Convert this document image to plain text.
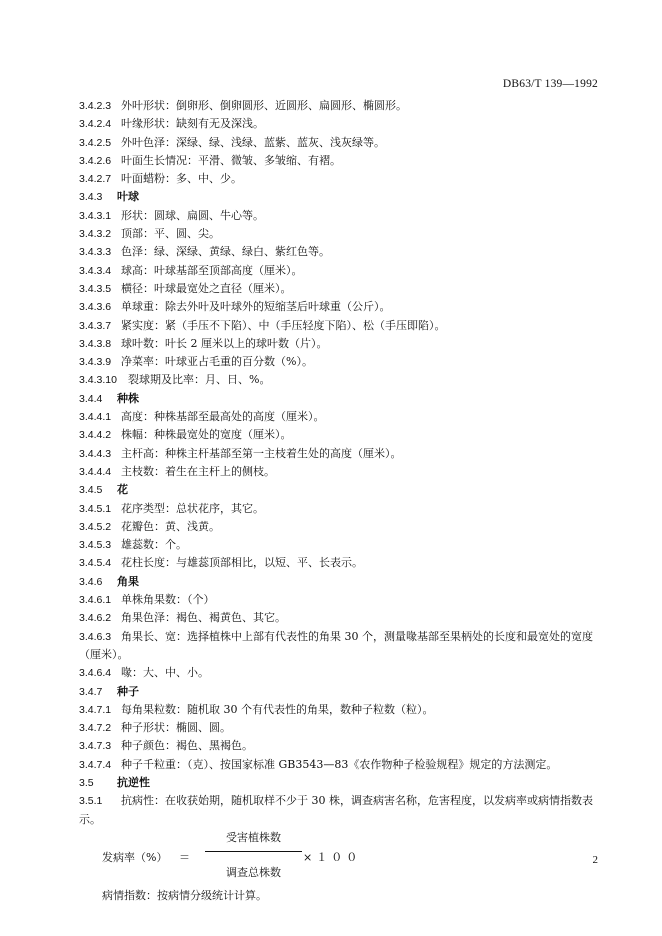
DB63/T 139—1992
3.4.2.3 外叶形状：倒卵形、倒卵圆形、近圆形、扁圆形、椭圆形。
3.4.2.4 叶缘形状：缺刻有无及深浅。
3.4.2.5 外叶色泽：深绿、绿、浅绿、蓝紫、蓝灰、浅灰绿等。
3.4.2.6 叶面生长情况：平滑、微皱、多皱缩、有褶。
3.4.2.7 叶面蜡粉：多、中、少。
3.4.3 叶球
3.4.3.1 形状：圆球、扁圆、牛心等。
3.4.3.2 顶部：平、圆、尖。
3.4.3.3 色泽：绿、深绿、黄绿、绿白、紫红色等。
3.4.3.4 球高：叶球基部至顶部高度（厘米）。
3.4.3.5 横径：叶球最宽处之直径（厘米）。
3.4.3.6 单球重：除去外叶及叶球外的短缩茎后叶球重（公斤）。
3.4.3.7 紧实度：紧（手压不下陷）、中（手压轻度下陷）、松（手压即陷）。
3.4.3.8 球叶数：叶长 2 厘米以上的球叶数（片）。
3.4.3.9 净菜率：叶球亚占毛重的百分数（%）。
3.4.3.10 裂球期及比率：月、日、%。
3.4.4 种株
3.4.4.1 高度：种株基部至最高处的高度（厘米）。
3.4.4.2 株幅：种株最宽处的宽度（厘米）。
3.4.4.3 主杆高：种株主杆基部至第一主枝着生处的高度（厘米）。
3.4.4.4 主枝数：着生在主杆上的侧枝。
3.4.5 花
3.4.5.1 花序类型：总状花序，其它。
3.4.5.2 花瓣色：黄、浅黄。
3.4.5.3 雄蕊数：个。
3.4.5.4 花柱长度：与雄蕊顶部相比，以短、平、长表示。
3.4.6 角果
3.4.6.1 单株角果数：（个）
3.4.6.2 角果色泽：褐色、褐黄色、其它。
3.4.6.3 角果长、宽：选择植株中上部有代表性的角果 30 个，测量喙基部至果柄处的长度和最宽处的宽度（厘米）。
3.4.6.4 喙：大、中、小。
3.4.7 种子
3.4.7.1 每角果粒数：随机取 30 个有代表性的角果，数种子粒数（粒）。
3.4.7.2 种子形状：椭圆、圆。
3.4.7.3 种子颜色：褐色、黑褐色。
3.4.7.4 种子千粒重：（克）、按国家标准 GB3543—83《农作物种子检验规程》规定的方法测定。
3.5 抗逆性
3.5.1 抗病性：在收获始期，随机取样不少于 30 株，调查病害名称，危害程度，以发病率或病情指数表示。
发病率（%） ＝
受害植株数
调查总株数
×１００
病情指数：按病情分级统计计算。
2
